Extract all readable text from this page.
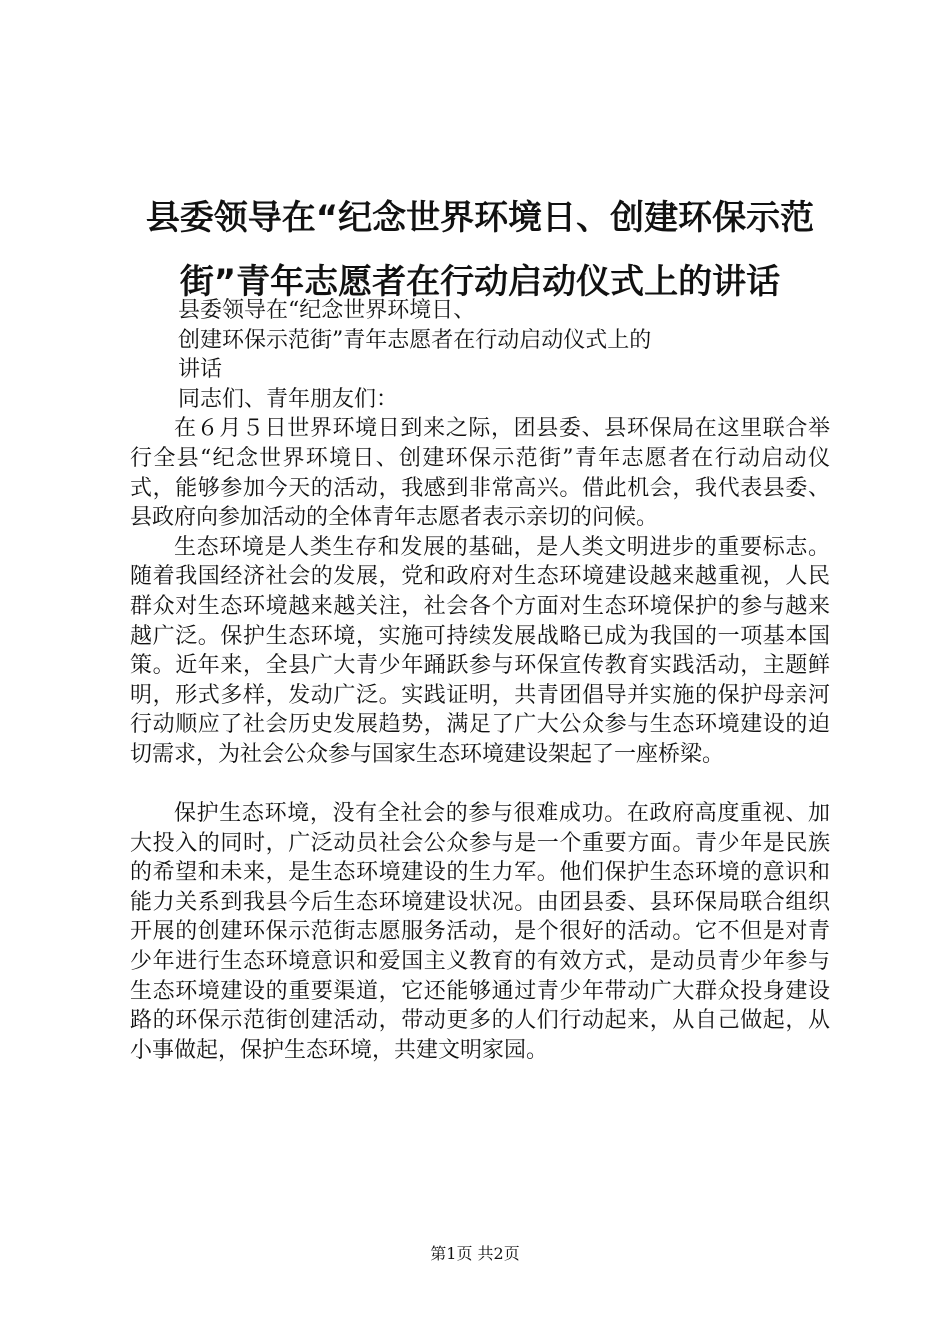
县委领导在“纪念世界环境日、创建环保示范
街”青年志愿者在行动启动仪式上的讲话

县委领导在“纪念世界环境日、

创建环保示范街”青年志愿者在行动启动仪式上的

讲话

同志们、青年朋友们：

在６月５日世界环境日到来之际，团县委、县环保局在这里联合举行全县“纪念世界环境日、创建环保示范街”青年志愿者在行动启动仪式，能够参加今天的活动，我感到非常高兴。借此机会，我代表县委、县政府向参加活动的全体青年志愿者表示亲切的问候。

生态环境是人类生存和发展的基础，是人类文明进步的重要标志。随着我国经济社会的发展，党和政府对生态环境建设越来越重视，人民群众对生态环境越来越关注，社会各个方面对生态环境保护的参与越来越广泛。保护生态环境，实施可持续发展战略已成为我国的一项基本国策。近年来，全县广大青少年踊跃参与环保宣传教育实践活动，主题鲜明，形式多样，发动广泛。实践证明，共青团倡导并实施的保护母亲河行动顺应了社会历史发展趋势，满足了广大公众参与生态环境建设的迫切需求，为社会公众参与国家生态环境建设架起了一座桥梁。

保护生态环境，没有全社会的参与很难成功。在政府高度重视、加大投入的同时，广泛动员社会公众参与是一个重要方面。青少年是民族的希望和未来，是生态环境建设的生力军。他们保护生态环境的意识和能力关系到我县今后生态环境建设状况。由团县委、县环保局联合组织开展的创建环保示范街志愿服务活动，是个很好的活动。它不但是对青少年进行生态环境意识和爱国主义教育的有效方式，是动员青少年参与生态环境建设的重要渠道，它还能够通过青少年带动广大群众投身建设路的环保示范街创建活动，带动更多的人们行动起来，从自己做起，从小事做起，保护生态环境，共建文明家园。

第1页 共2页
